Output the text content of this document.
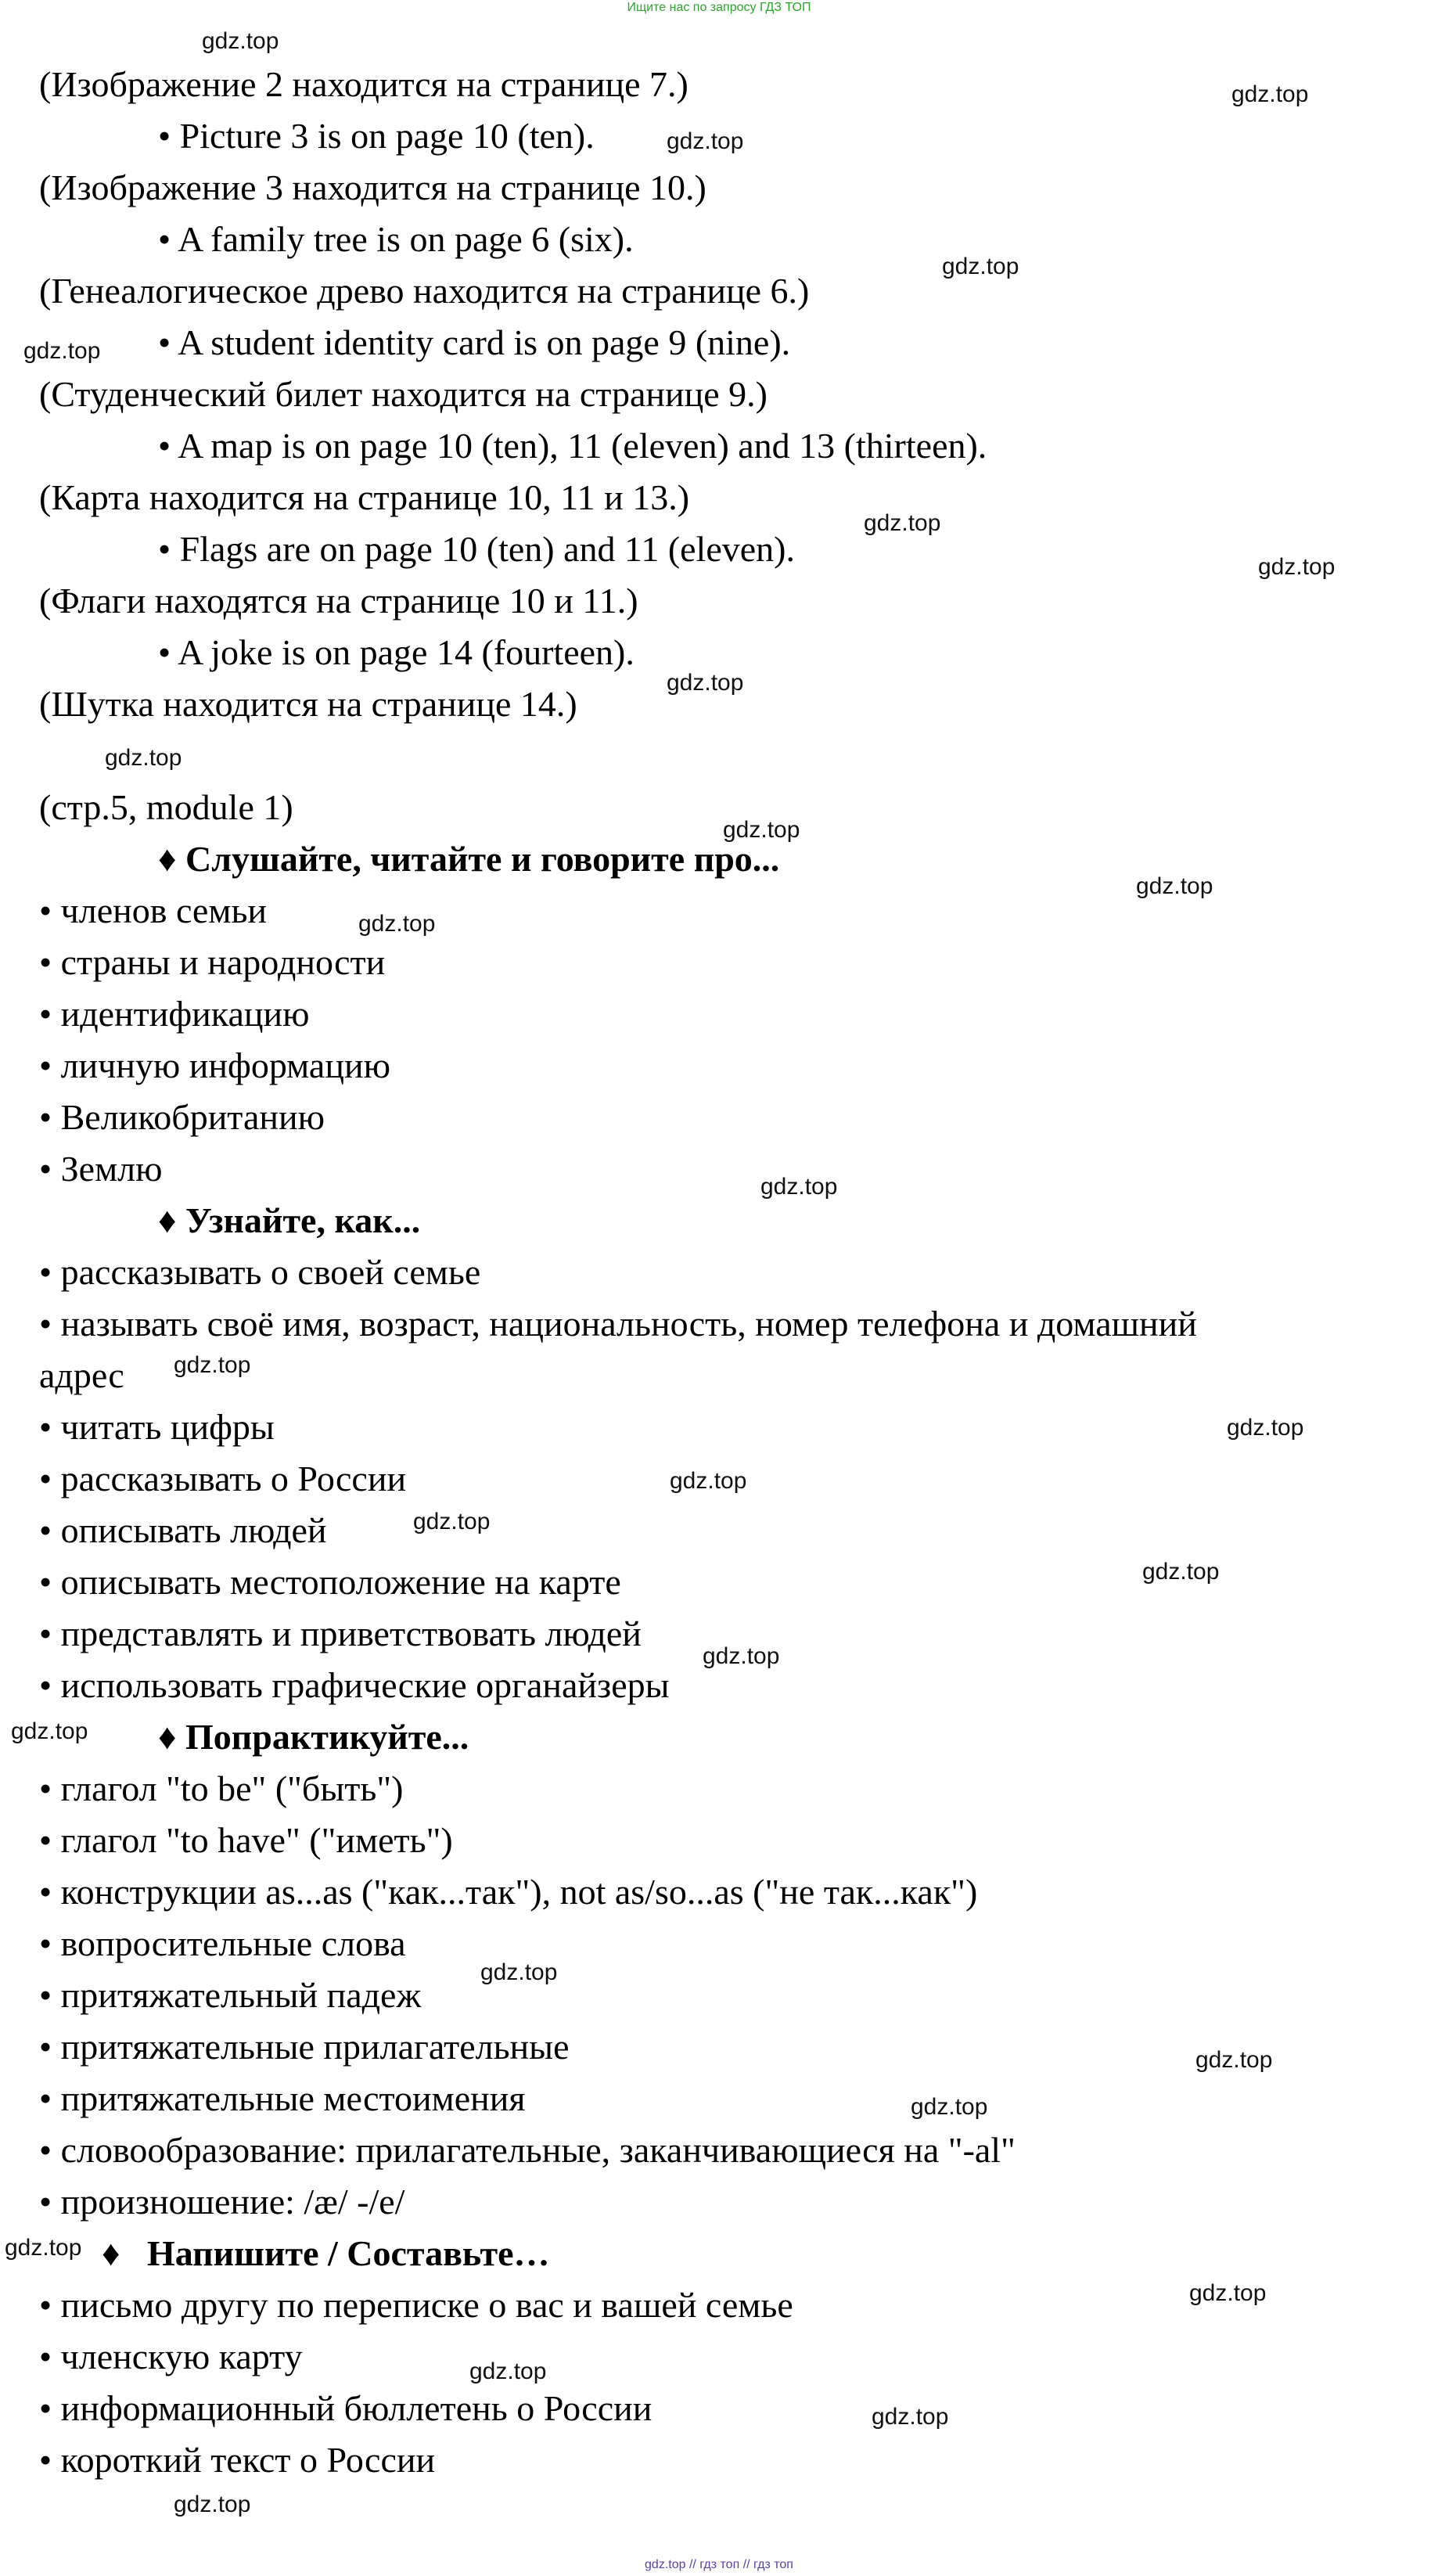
Ищите нас по запросу ГДЗ ТОП
(Изображение 2 находится на странице 7.)
• Picture 3 is on page 10 (ten).
(Изображение 3 находится на странице 10.)
• A family tree is on page 6 (six).
(Генеалогическое древо находится на странице 6.)
• A student identity card is on page 9 (nine).
(Студенческий билет находится на странице 9.)
• A map is on page 10 (ten), 11 (eleven) and 13 (thirteen).
(Карта находится на странице 10, 11 и 13.)
• Flags are on page 10 (ten) and 11 (eleven).
(Флаги находятся на странице 10 и 11.)
• A joke is on page 14 (fourteen).
(Шутка находится на странице 14.)
(стр.5, module 1)
♦ Слушайте, читайте и говорите про...
• членов семьи
• страны и народности
• идентификацию
• личную информацию
• Великобританию
• Землю
♦ Узнайте, как...
• рассказывать о своей семье
• называть своё имя, возраст, национальность, номер телефона и домашний
адрес
• читать цифры
• рассказывать о России
• описывать людей
• описывать местоположение на карте
• представлять и приветствовать людей
• использовать графические органайзеры
♦ Попрактикуйте...
• глагол "to be" ("быть")
• глагол "to have" ("иметь")
• конструкции as...as ("как...так"), not as/so...as ("не так...как")
• вопросительные слова
• притяжательный падеж
• притяжательные прилагательные
• притяжательные местоимения
• словообразование: прилагательные, заканчивающиеся на "-al"
• произношение: /æ/ -/e/
♦   Напишите / Составьте…
• письмо другу по переписке о вас и вашей семье
• членскую карту
• информационный бюллетень о России
• короткий текст о России
gdz.top
gdz.top
gdz.top
gdz.top
gdz.top
gdz.top
gdz.top
gdz.top
gdz.top
gdz.top
gdz.top
gdz.top
gdz.top
gdz.top
gdz.top
gdz.top
gdz.top
gdz.top
gdz.top
gdz.top
gdz.top
gdz.top
gdz.top
gdz.top
gdz.top
gdz.top
gdz.top
gdz.top
gdz.top // гдз топ // гдз топ
